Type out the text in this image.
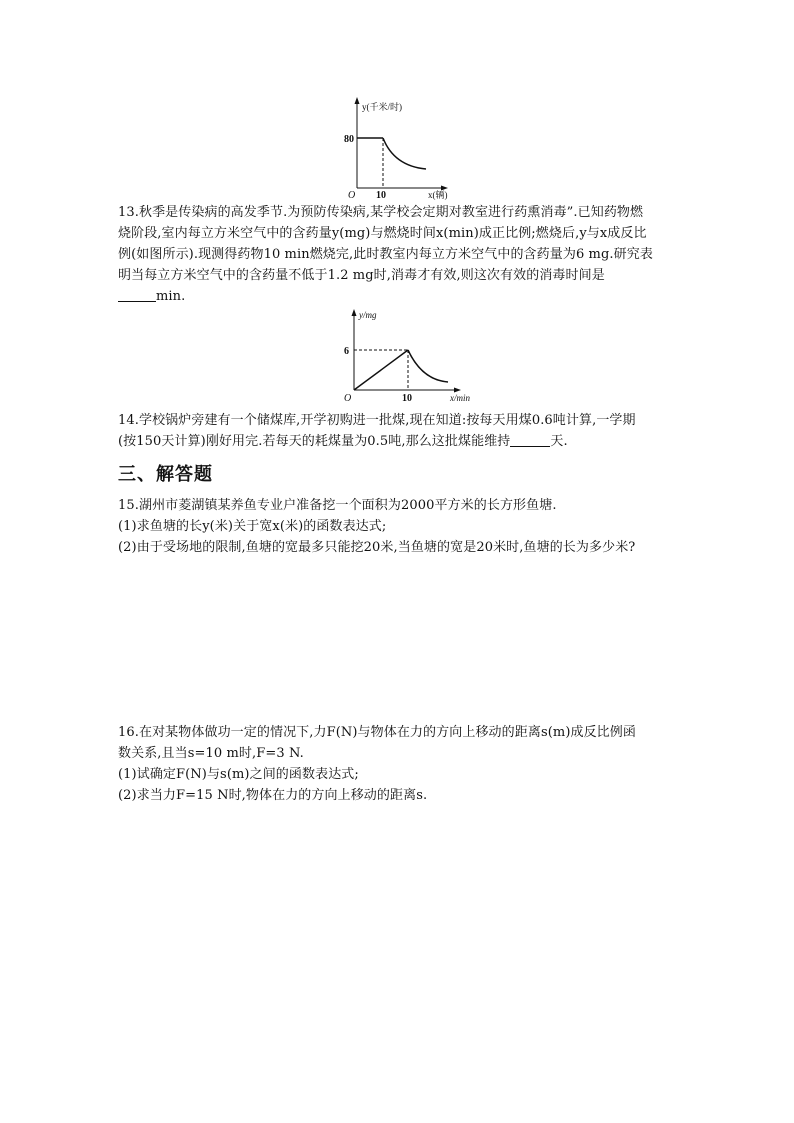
y(千米/时)
80
O 10	x(辆)

13.秋季是传染病的高发季节.为预防传染病,某学校会定期对教室进行药熏消毒”.已知药物燃

烧阶段,室内每立方米空气中的含药量y(mg)与燃烧时间x(min)成正比例;燃烧后,y与x成反比

例(如图所示).现测得药物10 min燃烧完,此时教室内每立方米空气中的含药量为6 mg.研究表

明当每立方米空气中的含药量不低于1.2 mg时,消毒才有效,则这次有效的消毒时间是

min.

y/mg
6
O	10	x/min

14.学校锅炉旁建有一个储煤库,开学初购进一批煤,现在知道:按每天用煤0.6吨计算,一学期

(按150天计算)刚好用完.若每天的耗煤量为0.5吨,那么这批煤能维持	天.

三、解答题

15.湖州市菱湖镇某养鱼专业户准备挖一个面积为2000平方米的长方形鱼塘.

(1)求鱼塘的长y(米)关于宽x(米)的函数表达式;

(2)由于受场地的限制,鱼塘的宽最多只能挖20米,当鱼塘的宽是20米时,鱼塘的长为多少米?

16.在对某物体做功一定的情况下,力F(N)与物体在力的方向上移动的距离s(m)成反比例函

数关系,且当s=10 m时,F=3 N.

(1)试确定F(N)与s(m)之间的函数表达式;

(2)求当力F=15 N时,物体在力的方向上移动的距离s.
